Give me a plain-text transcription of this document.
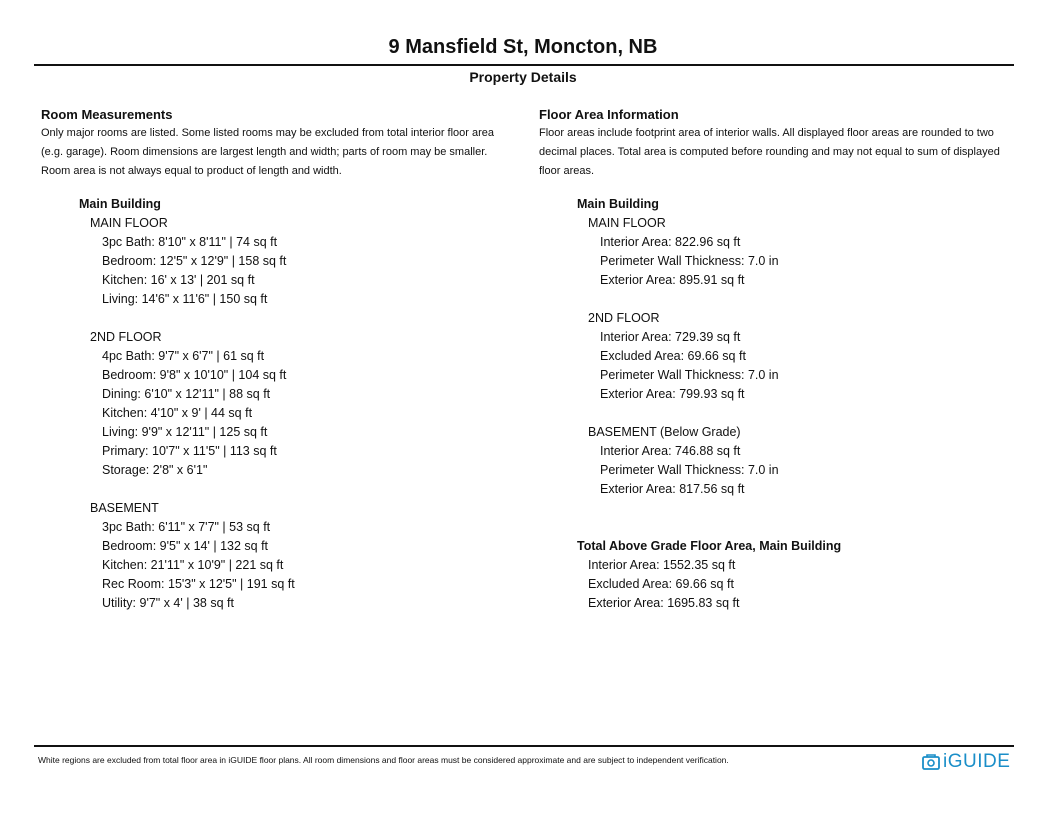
9 Mansfield St, Moncton, NB
Property Details
Room Measurements
Only major rooms are listed. Some listed rooms may be excluded from total interior floor area
(e.g. garage). Room dimensions are largest length and width; parts of room may be smaller.
Room area is not always equal to product of length and width.
Main Building
MAIN FLOOR
3pc Bath: 8'10" x 8'11" | 74 sq ft
Bedroom: 12'5" x 12'9" | 158 sq ft
Kitchen: 16' x 13' | 201 sq ft
Living: 14'6" x 11'6" | 150 sq ft
2ND FLOOR
4pc Bath: 9'7" x 6'7" | 61 sq ft
Bedroom: 9'8" x 10'10" | 104 sq ft
Dining: 6'10" x 12'11" | 88 sq ft
Kitchen: 4'10" x 9' | 44 sq ft
Living: 9'9" x 12'11" | 125 sq ft
Primary: 10'7" x 11'5" | 113 sq ft
Storage: 2'8" x 6'1"
BASEMENT
3pc Bath: 6'11" x 7'7" | 53 sq ft
Bedroom: 9'5" x 14' | 132 sq ft
Kitchen: 21'11" x 10'9" | 221 sq ft
Rec Room: 15'3" x 12'5" | 191 sq ft
Utility: 9'7" x 4' | 38 sq ft
Floor Area Information
Floor areas include footprint area of interior walls. All displayed floor areas are rounded to two
decimal places. Total area is computed before rounding and may not equal to sum of displayed
floor areas.
Main Building
MAIN FLOOR
Interior Area: 822.96 sq ft
Perimeter Wall Thickness: 7.0 in
Exterior Area: 895.91 sq ft
2ND FLOOR
Interior Area: 729.39 sq ft
Excluded Area: 69.66 sq ft
Perimeter Wall Thickness: 7.0 in
Exterior Area: 799.93 sq ft
BASEMENT (Below Grade)
Interior Area: 746.88 sq ft
Perimeter Wall Thickness: 7.0 in
Exterior Area: 817.56 sq ft
Total Above Grade Floor Area, Main Building
Interior Area: 1552.35 sq ft
Excluded Area: 69.66 sq ft
Exterior Area: 1695.83 sq ft
White regions are excluded from total floor area in iGUIDE floor plans. All room dimensions and floor areas must be considered approximate and are subject to independent verification.	iGUIDE
